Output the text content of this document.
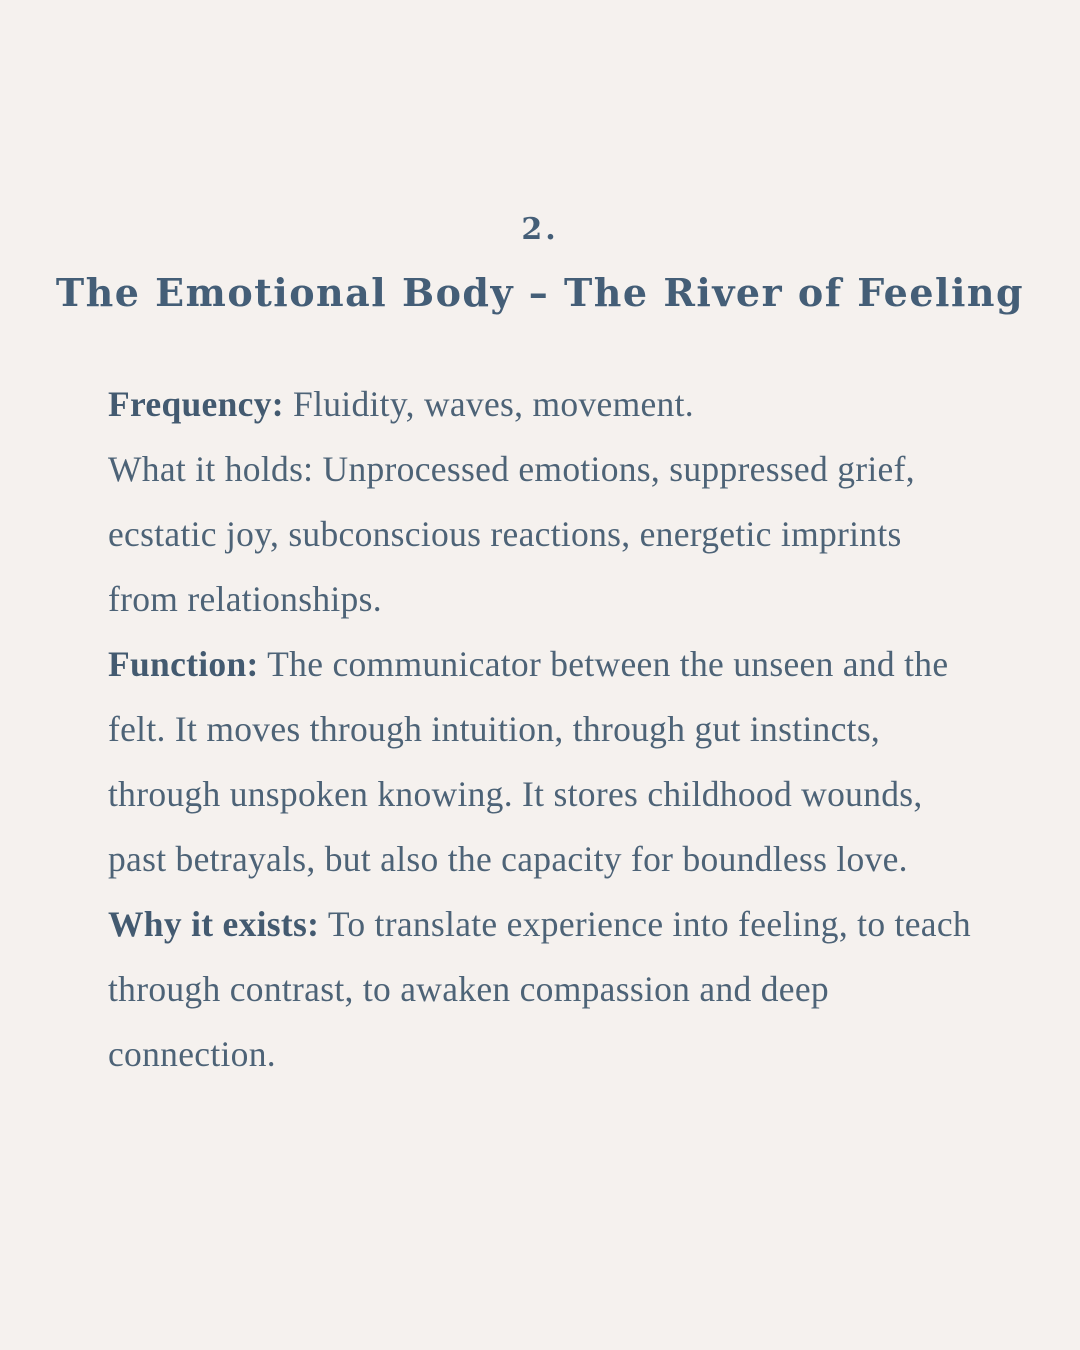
2.
The Emotional Body – The River of Feeling

Frequency: Fluidity, waves, movement.

What it holds: Unprocessed emotions, suppressed grief, ecstatic joy, subconscious reactions, energetic imprints from relationships.

Function: The communicator between the unseen and the felt. It moves through intuition, through gut instincts, through unspoken knowing. It stores childhood wounds, past betrayals, but also the capacity for boundless love.

Why it exists: To translate experience into feeling, to teach through contrast, to awaken compassion and deep connection.
